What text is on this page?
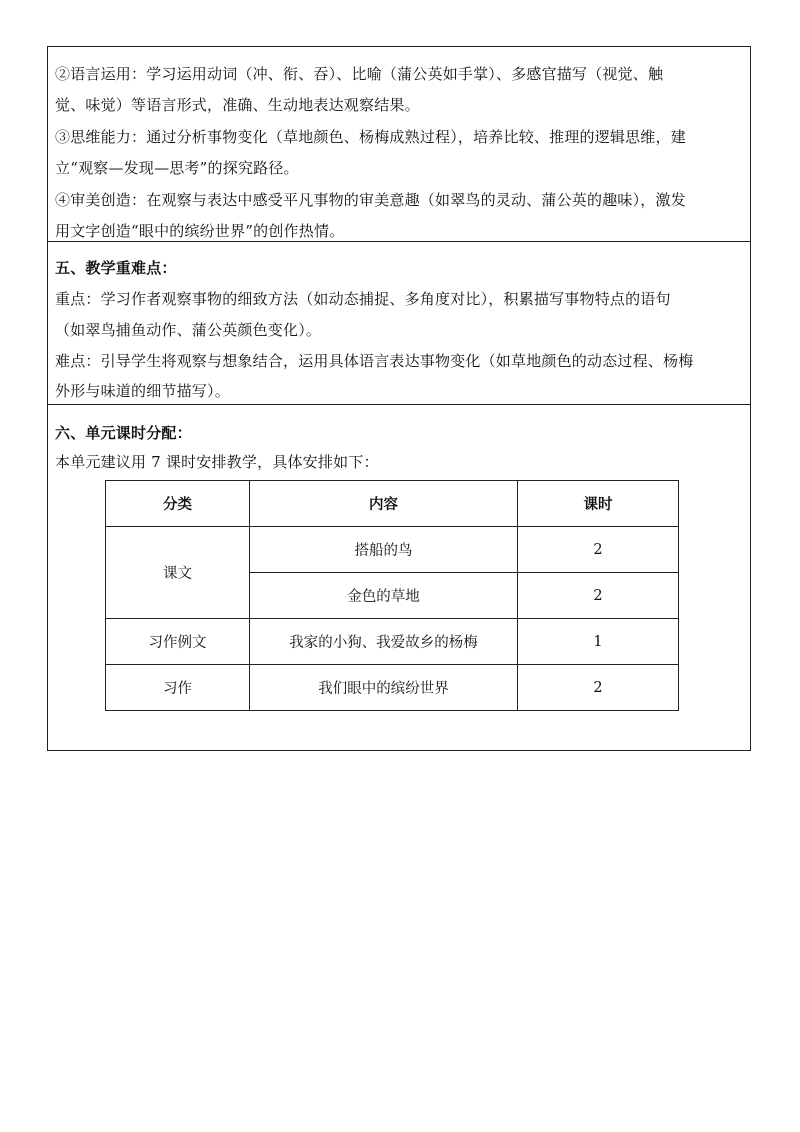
②语言运用：学习运用动词（冲、衔、吞）、比喻（蒲公英如手掌）、多感官描写（视觉、触
觉、味觉）等语言形式，准确、生动地表达观察结果。
③思维能力：通过分析事物变化（草地颜色、杨梅成熟过程），培养比较、推理的逻辑思维，建
立“观察—发现—思考”的探究路径。
④审美创造：在观察与表达中感受平凡事物的审美意趣（如翠鸟的灵动、蒲公英的趣味），激发
用文字创造“眼中的缤纷世界”的创作热情。
五、教学重难点：
重点：学习作者观察事物的细致方法（如动态捕捉、多角度对比），积累描写事物特点的语句
（如翠鸟捕鱼动作、蒲公英颜色变化）。
难点：引导学生将观察与想象结合，运用具体语言表达事物变化（如草地颜色的动态过程、杨梅
外形与味道的细节描写）。
六、单元课时分配：
本单元建议用 7 课时安排教学，具体安排如下：
分类	内容	课时
课文	搭船的鸟	2
	金色的草地	2
习作例文	我家的小狗、我爱故乡的杨梅	1
习作	我们眼中的缤纷世界	2
